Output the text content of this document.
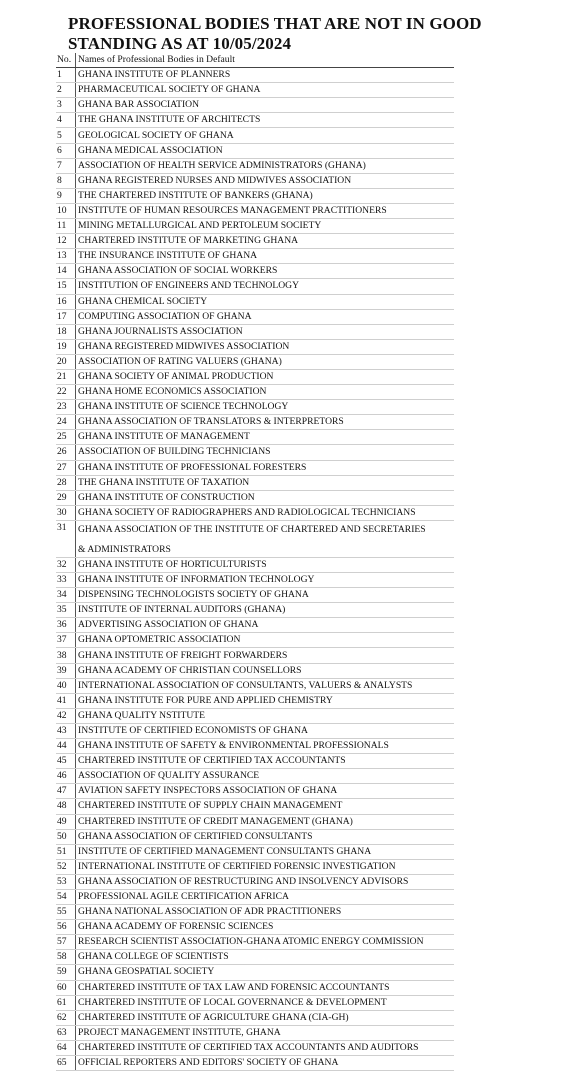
PROFESSIONAL BODIES THAT ARE NOT IN GOOD
STANDING AS AT 10/05/2024
No.	Names of Professional Bodies in Default
1	GHANA INSTITUTE OF PLANNERS
2	PHARMACEUTICAL SOCIETY OF GHANA
3	GHANA BAR ASSOCIATION
4	THE GHANA INSTITUTE OF ARCHITECTS
5	GEOLOGICAL SOCIETY OF GHANA
6	GHANA MEDICAL ASSOCIATION
7	ASSOCIATION OF HEALTH SERVICE ADMINISTRATORS (GHANA)
8	GHANA REGISTERED NURSES AND MIDWIVES ASSOCIATION
9	THE CHARTERED INSTITUTE OF BANKERS (GHANA)
10	INSTITUTE OF HUMAN RESOURCES MANAGEMENT PRACTITIONERS
11	MINING METALLURGICAL AND PERTOLEUM SOCIETY
12	CHARTERED INSTITUTE OF MARKETING GHANA
13	THE INSURANCE INSTITUTE OF GHANA
14	GHANA ASSOCIATION OF SOCIAL WORKERS
15	INSTITUTION OF ENGINEERS AND TECHNOLOGY
16	GHANA CHEMICAL SOCIETY
17	COMPUTING ASSOCIATION OF GHANA
18	GHANA JOURNALISTS ASSOCIATION
19	GHANA REGISTERED MIDWIVES ASSOCIATION
20	ASSOCIATION OF RATING VALUERS (GHANA)
21	GHANA SOCIETY OF ANIMAL PRODUCTION
22	GHANA HOME ECONOMICS ASSOCIATION
23	GHANA INSTITUTE OF SCIENCE TECHNOLOGY
24	GHANA ASSOCIATION OF TRANSLATORS & INTERPRETORS
25	GHANA INSTITUTE OF MANAGEMENT
26	ASSOCIATION OF BUILDING TECHNICIANS
27	GHANA INSTITUTE OF PROFESSIONAL FORESTERS
28	THE GHANA INSTITUTE OF TAXATION
29	GHANA INSTITUTE OF CONSTRUCTION
30	GHANA SOCIETY OF RADIOGRAPHERS AND RADIOLOGICAL TECHNICIANS
31	GHANA ASSOCIATION OF THE INSTITUTE OF CHARTERED AND SECRETARIES
& ADMINISTRATORS

32	GHANA INSTITUTE OF HORTICULTURISTS
33	GHANA INSTITUTE OF INFORMATION TECHNOLOGY
34	DISPENSING TECHNOLOGISTS SOCIETY OF GHANA
35	INSTITUTE OF INTERNAL AUDITORS (GHANA)
36	ADVERTISING ASSOCIATION OF GHANA
37	GHANA OPTOMETRIC ASSOCIATION
38	GHANA INSTITUTE OF FREIGHT FORWARDERS
39	GHANA ACADEMY OF CHRISTIAN COUNSELLORS
40	INTERNATIONAL ASSOCIATION OF CONSULTANTS, VALUERS & ANALYSTS
41	GHANA INSTITUTE FOR PURE AND APPLIED CHEMISTRY
42	GHANA QUALITY NSTITUTE
43	INSTITUTE OF CERTIFIED ECONOMISTS OF GHANA
44	GHANA INSTITUTE OF SAFETY & ENVIRONMENTAL PROFESSIONALS
45	CHARTERED INSTITUTE OF CERTIFIED TAX ACCOUNTANTS
46	ASSOCIATION OF QUALITY ASSURANCE
47	AVIATION SAFETY INSPECTORS ASSOCIATION OF GHANA
48	CHARTERED INSTITUTE OF SUPPLY CHAIN MANAGEMENT
49	CHARTERED INSTITUTE OF CREDIT MANAGEMENT (GHANA)
50	GHANA ASSOCIATION OF CERTIFIED CONSULTANTS
51	INSTITUTE OF CERTIFIED MANAGEMENT CONSULTANTS GHANA
52	INTERNATIONAL INSTITUTE OF CERTIFIED FORENSIC INVESTIGATION
53	GHANA ASSOCIATION OF RESTRUCTURING AND INSOLVENCY ADVISORS
54	PROFESSIONAL AGILE CERTIFICATION AFRICA
55	GHANA NATIONAL ASSOCIATION OF ADR PRACTITIONERS
56	GHANA ACADEMY OF FORENSIC SCIENCES
57	RESEARCH SCIENTIST ASSOCIATION-GHANA ATOMIC ENERGY COMMISSION
58	GHANA COLLEGE OF SCIENTISTS
59	GHANA GEOSPATIAL SOCIETY
60	CHARTERED INSTITUTE OF TAX LAW AND FORENSIC ACCOUNTANTS
61	CHARTERED INSTITUTE OF LOCAL GOVERNANCE & DEVELOPMENT
62	CHARTERED INSTITUTE OF AGRICULTURE GHANA (CIA-GH)
63	PROJECT MANAGEMENT INSTITUTE, GHANA
64	CHARTERED INSTITUTE OF CERTIFIED TAX ACCOUNTANTS AND AUDITORS
65	OFFICIAL REPORTERS AND EDITORS' SOCIETY OF GHANA
